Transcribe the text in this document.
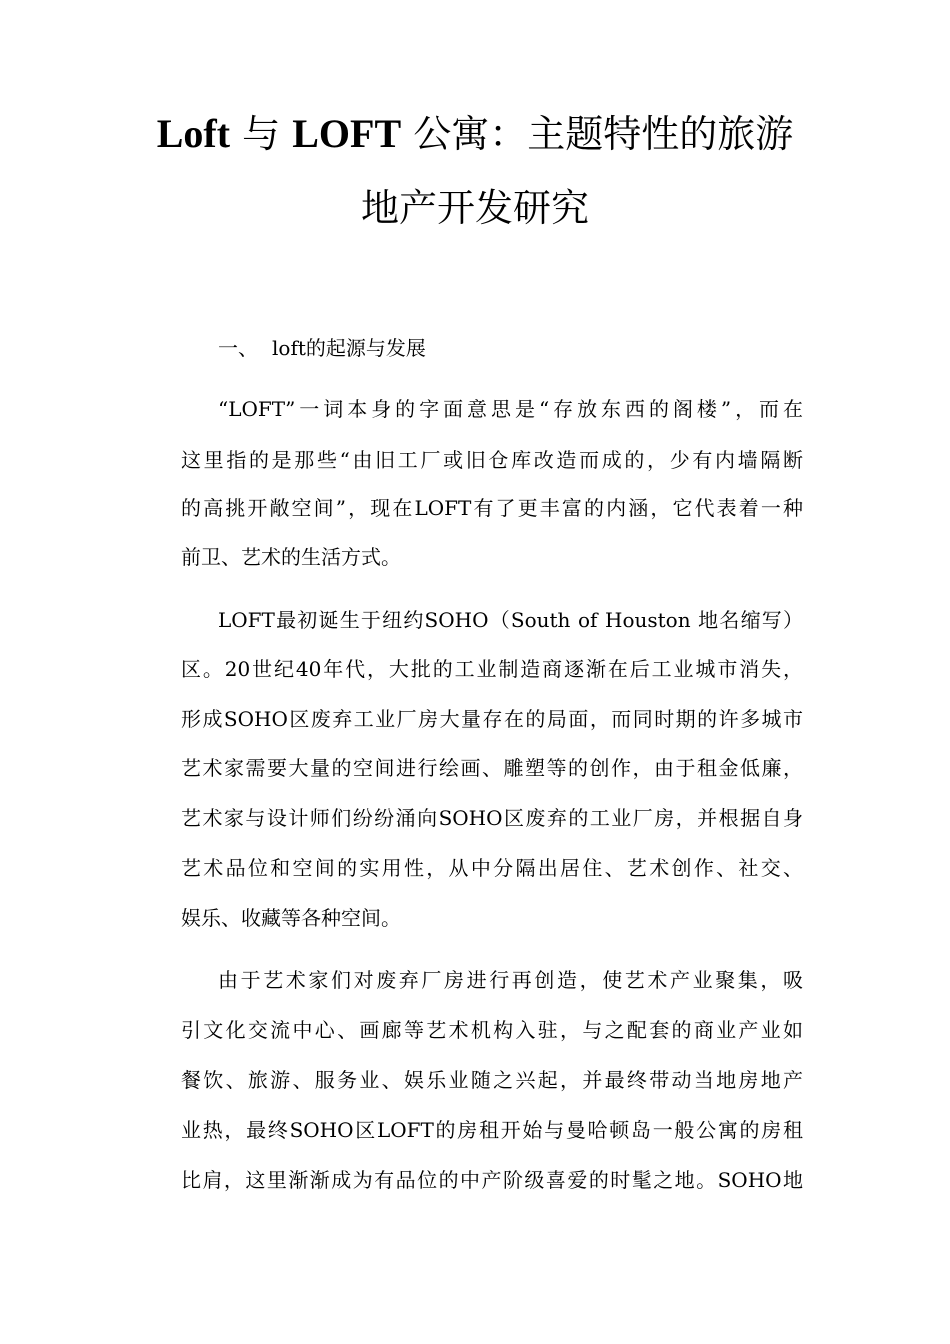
Loft 与 LOFT 公寓：主题特性的旅游
地产开发研究
一、 loft的起源与发展

“LOFT”一词本身的字面意思是“存放东西的阁楼”，而在

这里指的是那些“由旧工厂或旧仓库改造而成的，少有内墙隔断

的高挑开敞空间”，现在LOFT有了更丰富的内涵，它代表着一种

前卫、艺术的生活方式。

LOFT最初诞生于纽约SOHO（South of Houston 地名缩写）

区。20世纪40年代，大批的工业制造商逐渐在后工业城市消失，

形成SOHO区废弃工业厂房大量存在的局面，而同时期的许多城市

艺术家需要大量的空间进行绘画、雕塑等的创作，由于租金低廉，

艺术家与设计师们纷纷涌向SOHO区废弃的工业厂房，并根据自身

艺术品位和空间的实用性，从中分隔出居住、艺术创作、社交、

娱乐、收藏等各种空间。

由于艺术家们对废弃厂房进行再创造，使艺术产业聚集，吸

引文化交流中心、画廊等艺术机构入驻，与之配套的商业产业如

餐饮、旅游、服务业、娱乐业随之兴起，并最终带动当地房地产

业热，最终SOHO区LOFT的房租开始与曼哈顿岛一般公寓的房租

比肩，这里渐渐成为有品位的中产阶级喜爱的时髦之地。SOHO地
